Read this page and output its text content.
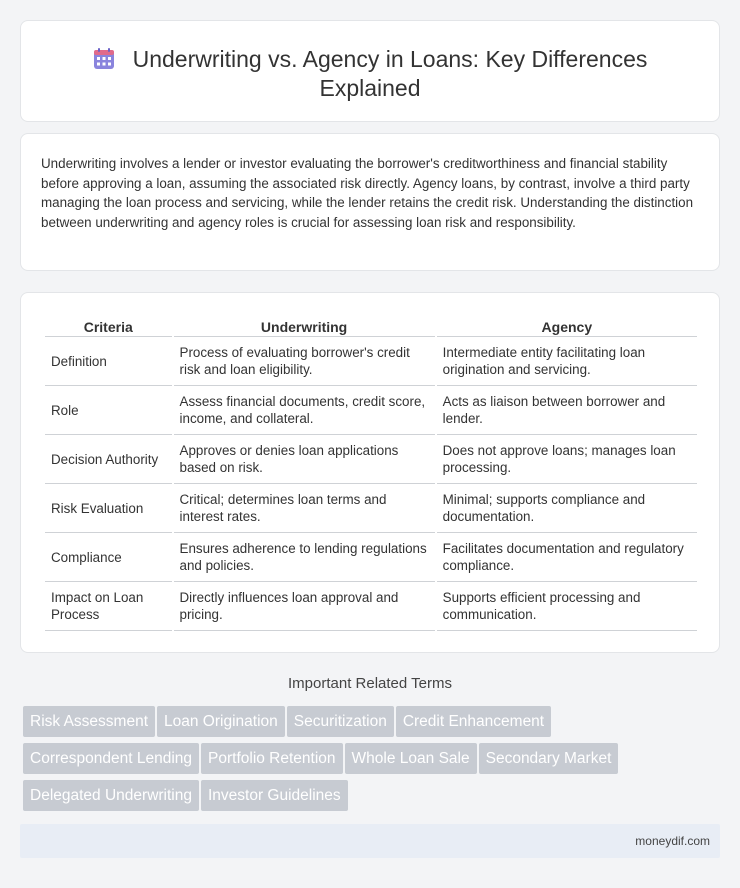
Underwriting vs. Agency in Loans: Key Differences
Explained

Underwriting involves a lender or investor evaluating the borrower's creditworthiness and financial stability before approving a loan, assuming the associated risk directly. Agency loans, by contrast, involve a third party managing the loan process and servicing, while the lender retains the credit risk. Understanding the distinction between underwriting and agency roles is crucial for assessing loan risk and responsibility.

Criteria	Underwriting	Agency
Definition	Process of evaluating borrower's credit risk and loan eligibility.	Intermediate entity facilitating loan origination and servicing.
Role	Assess financial documents, credit score, income, and collateral.	Acts as liaison between borrower and lender.
Decision Authority	Approves or denies loan applications based on risk.	Does not approve loans; manages loan processing.
Risk Evaluation	Critical; determines loan terms and interest rates.	Minimal; supports compliance and documentation.
Compliance	Ensures adherence to lending regulations and policies.	Facilitates documentation and regulatory compliance.
Impact on Loan Process	Directly influences loan approval and pricing.	Supports efficient processing and communication.
Important Related Terms
Risk Assessment Loan Origination Securitization Credit Enhancement
Correspondent Lending Portfolio Retention Whole Loan Sale Secondary Market
Delegated Underwriting Investor Guidelines
moneydif.com
